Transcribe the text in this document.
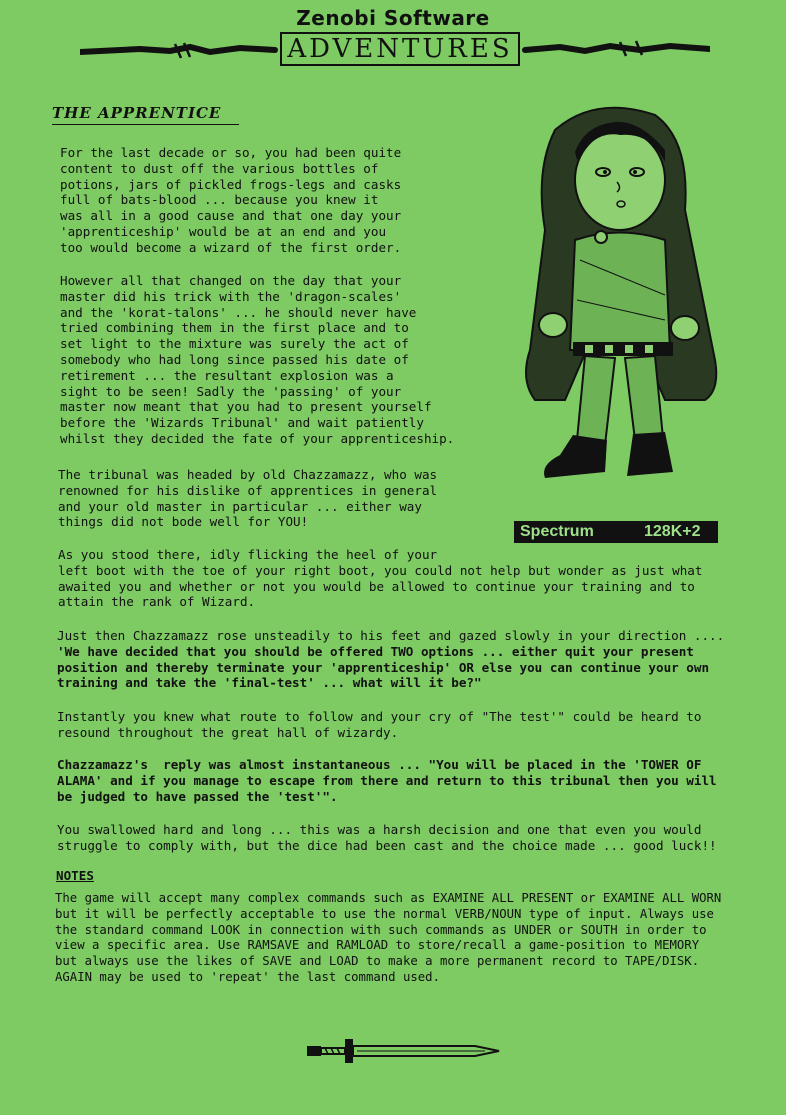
Zenobi Software
ADVENTURES
THE APPRENTICE

For the last decade or so, you had been quite

content to dust off the various bottles of

potions, jars of pickled frogs-legs and casks

full of bats-blood ... because you knew it

was all in a good cause and that one day your

'apprenticeship' would be at an end and you

too would become a wizard of the first order.

However all that changed on the day that your

master did his trick with the 'dragon-scales'

and the 'korat-talons' ... he should never have

tried combining them in the first place and to

set light to the mixture was surely the act of

somebody who had long since passed his date of

retirement ... the resultant explosion was a

sight to be seen! Sadly the 'passing' of your

master now meant that you had to present yourself

before the 'Wizards Tribunal' and wait patiently

whilst they decided the fate of your apprenticeship.

The tribunal was headed by old Chazzamazz, who was

renowned for his dislike of apprentices in general

and your old master in particular ... either way

things did not bode well for YOU!

Spectrum	128K+2

As you stood there, idly flicking the heel of your

left boot with the toe of your right boot, you could not help but wonder as just what

awaited you and whether or not you would be allowed to continue your training and to

attain the rank of Wizard.

Just then Chazzamazz rose unsteadily to his feet and gazed slowly in your direction ....

'We have decided that you should be offered TWO options ... either quit your present

position and thereby terminate your 'apprenticeship' OR else you can continue your own

training and take the 'final-test' ... what will it be?"

Instantly you knew what route to follow and your cry of "The test'" could be heard to

resound throughout the great hall of wizardy.

Chazzamazz's  reply was almost instantaneous ... "You will be placed in the 'TOWER OF

ALAMA' and if you manage to escape from there and return to this tribunal then you will

be judged to have passed the 'test'".

You swallowed hard and long ... this was a harsh decision and one that even you would

struggle to comply with, but the dice had been cast and the choice made ... good luck!!

NOTES

The game will accept many complex commands such as EXAMINE ALL PRESENT or EXAMINE ALL WORN

but it will be perfectly acceptable to use the normal VERB/NOUN type of input. Always use

the standard command LOOK in connection with such commands as UNDER or SOUTH in order to

view a specific area. Use RAMSAVE and RAMLOAD to store/recall a game-position to MEMORY

but always use the likes of SAVE and LOAD to make a more permanent record to TAPE/DISK.

AGAIN may be used to 'repeat' the last command used.
